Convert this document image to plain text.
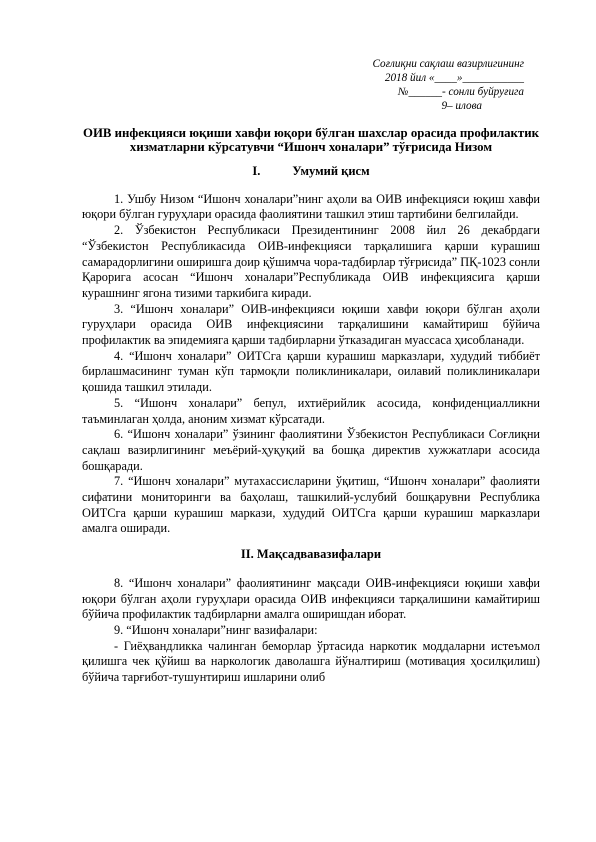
Соғлиқни сақлаш вазирлигининг
2018 йил «____»___________
№______- сонли буйруғига
9– илова
ОИВ инфекцияси юқиши хавфи юқори бўлган шахслар орасида профилактик хизматларни кўрсатувчи “Ишонч хоналари” тўғрисида Низом
I.	Умумий қисм

1. Ушбу Низом “Ишонч хоналари”нинг аҳоли ва ОИВ инфекцияси юқиш хавфи юқори бўлган гуруҳлари орасида фаолиятини ташкил этиш тартибини белгилайди.

2. Ўзбекистон Республикаси Президентининг 2008 йил 26 декабрдаги “Ўзбекистон Республикасида ОИВ-инфекцияси тарқалишига қарши курашиш самарадорлигини оширишга доир қўшимча чора-тадбирлар тўғрисида” ПҚ-1023 сонли Қарорига асосан “Ишонч хоналари”Республикада ОИВ инфекциясига қарши курашнинг ягона тизими таркибига киради.

3. “Ишонч хоналари” ОИВ-инфекцияси юқиши хавфи юқори бўлган аҳоли гуруҳлари орасида ОИВ инфекциясини тарқалишини камайтириш бўйича профилактик ва эпидемияга қарши тадбирларни ўтказадиган муассаса ҳисобланади.

4. “Ишонч хоналари” ОИТСга қарши курашиш марказлари, худудий тиббиёт бирлашмасининг туман кўп тармоқли поликлиникалари, оилавий поликлиникалари қошида ташкил этилади.

5. “Ишонч хоналари” бепул, ихтиёрийлик асосида, конфиденциалликни таъминлаган ҳолда, аноним хизмат кўрсатади.

6. “Ишонч хоналари” ўзининг фаолиятини Ўзбекистон Республикаси Соғлиқни сақлаш вазирлигининг меъёрий-ҳуқуқий ва бошқа директив хужжатлари асосида бошқаради.

7. “Ишонч хоналари” мутахассисларини ўқитиш, “Ишонч хоналари” фаолияти сифатини мониторинги ва баҳолаш, ташкилий-услубий бошқарувни Республика ОИТСга қарши курашиш маркази, худудий ОИТСга қарши курашиш марказлари амалга оширади.

II. Мақсадвавазифалари

8. “Ишонч хоналари” фаолиятининг мақсади ОИВ-инфекцияси юқиши хавфи юқори бўлган аҳоли гуруҳлари орасида ОИВ инфекцияси тарқалишини камайтириш бўйича профилактик тадбирларни амалга оширишдан иборат.

9. “Ишонч хоналари”нинг вазифалари:

- Гиёҳвандликка чалинган беморлар ўртасида наркотик моддаларни истеъмол қилишга чек қўйиш ва наркологик даволашга йўналтириш (мотивация ҳосилқилиш) бўйича тарғибот-тушунтириш ишларини олиб
